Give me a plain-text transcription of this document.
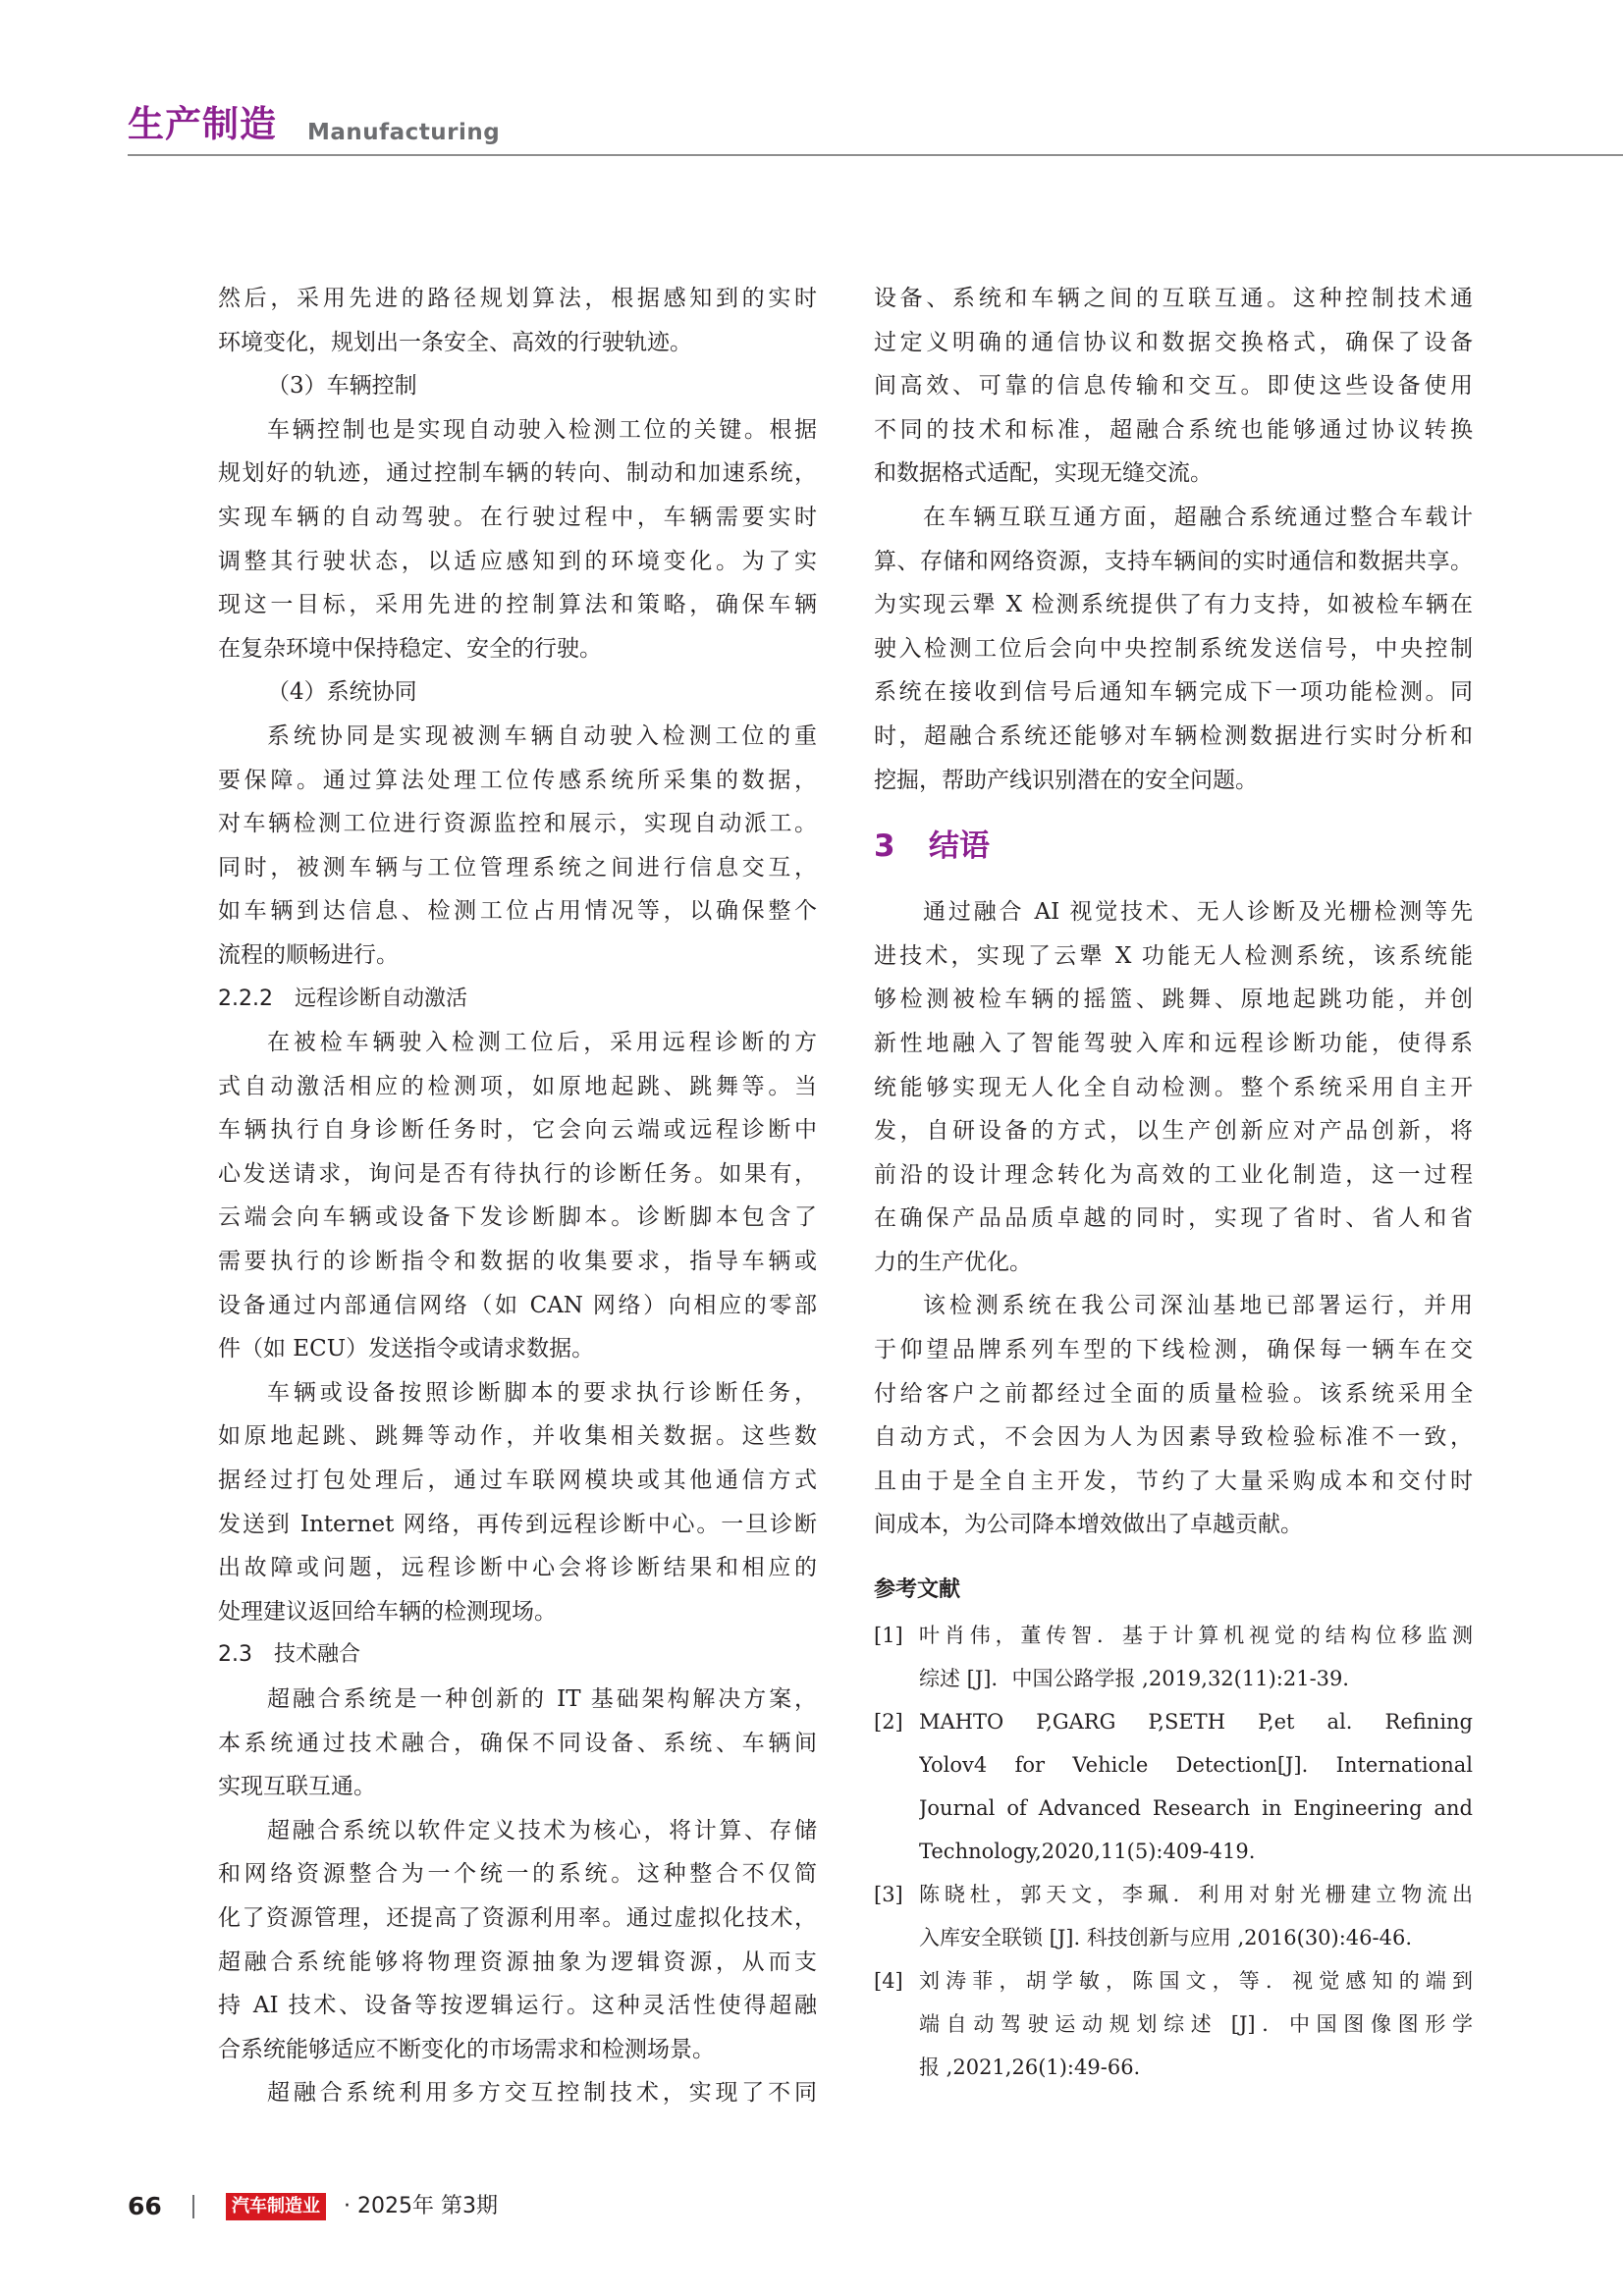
生产制造 Manufacturing
然后，采用先进的路径规划算法，根据感知到的实时
环境变化，规划出一条安全、高效的行驶轨迹。
（3）车辆控制
车辆控制也是实现自动驶入检测工位的关键。根据
规划好的轨迹，通过控制车辆的转向、制动和加速系统，
实现车辆的自动驾驶。在行驶过程中，车辆需要实时
调整其行驶状态，以适应感知到的环境变化。为了实
现这一目标，采用先进的控制算法和策略，确保车辆
在复杂环境中保持稳定、安全的行驶。
（4）系统协同
系统协同是实现被测车辆自动驶入检测工位的重
要保障。通过算法处理工位传感系统所采集的数据，
对车辆检测工位进行资源监控和展示，实现自动派工。
同时，被测车辆与工位管理系统之间进行信息交互，
如车辆到达信息、检测工位占用情况等，以确保整个
流程的顺畅进行。
2.2.2　远程诊断自动激活
在被检车辆驶入检测工位后，采用远程诊断的方
式自动激活相应的检测项，如原地起跳、跳舞等。当
车辆执行自身诊断任务时，它会向云端或远程诊断中
心发送请求，询问是否有待执行的诊断任务。如果有，
云端会向车辆或设备下发诊断脚本。诊断脚本包含了
需要执行的诊断指令和数据的收集要求，指导车辆或
设备通过内部通信网络（如 CAN 网络）向相应的零部
件（如 ECU）发送指令或请求数据。
车辆或设备按照诊断脚本的要求执行诊断任务，
如原地起跳、跳舞等动作，并收集相关数据。这些数
据经过打包处理后，通过车联网模块或其他通信方式
发送到 Internet 网络，再传到远程诊断中心。一旦诊断
出故障或问题，远程诊断中心会将诊断结果和相应的
处理建议返回给车辆的检测现场。
2.3　技术融合
超融合系统是一种创新的 IT 基础架构解决方案，
本系统通过技术融合，确保不同设备、系统、车辆间
实现互联互通。
超融合系统以软件定义技术为核心，将计算、存储
和网络资源整合为一个统一的系统。这种整合不仅简
化了资源管理，还提高了资源利用率。通过虚拟化技术，
超融合系统能够将物理资源抽象为逻辑资源，从而支
持 AI 技术、设备等按逻辑运行。这种灵活性使得超融
合系统能够适应不断变化的市场需求和检测场景。
超融合系统利用多方交互控制技术，实现了不同
设备、系统和车辆之间的互联互通。这种控制技术通
过定义明确的通信协议和数据交换格式，确保了设备
间高效、可靠的信息传输和交互。即使这些设备使用
不同的技术和标准，超融合系统也能够通过协议转换
和数据格式适配，实现无缝交流。
在车辆互联互通方面，超融合系统通过整合车载计
算、存储和网络资源，支持车辆间的实时通信和数据共享。
为实现云犟 X 检测系统提供了有力支持，如被检车辆在
驶入检测工位后会向中央控制系统发送信号，中央控制
系统在接收到信号后通知车辆完成下一项功能检测。同
时，超融合系统还能够对车辆检测数据进行实时分析和
挖掘，帮助产线识别潜在的安全问题。
3 结语
通过融合 AI 视觉技术、无人诊断及光栅检测等先
进技术，实现了云犟 X 功能无人检测系统，该系统能
够检测被检车辆的摇篮、跳舞、原地起跳功能，并创
新性地融入了智能驾驶入库和远程诊断功能，使得系
统能够实现无人化全自动检测。整个系统采用自主开
发，自研设备的方式，以生产创新应对产品创新，将
前沿的设计理念转化为高效的工业化制造，这一过程
在确保产品品质卓越的同时，实现了省时、省人和省
力的生产优化。
该检测系统在我公司深汕基地已部署运行，并用
于仰望品牌系列车型的下线检测，确保每一辆车在交
付给客户之前都经过全面的质量检验。该系统采用全
自动方式，不会因为人为因素导致检验标准不一致，
且由于是全自主开发，节约了大量采购成本和交付时
间成本，为公司降本增效做出了卓越贡献。
参考文献
[1] 叶肖伟，董传智．基于计算机视觉的结构位移监测
综述 [J]．中国公路学报 ,2019,32(11):21-39．
[2] MAHTO P,GARG P,SETH P,et al. Refining
Yolov4 for Vehicle Detection[J]. International
Journal of Advanced Research in Engineering and
Technology,2020,11(5):409-419.
[3] 陈晓杜，郭天文，李珮．利用对射光栅建立物流出
入库安全联锁 [J]. 科技创新与应用 ,2016(30):46-46.
[4] 刘涛菲，胡学敏，陈国文，等．视觉感知的端到
端自动驾驶运动规划综述 [J]．中国图像图形学
报 ,2021,26(1):49-66.
66	汽车制造业 · 2025年 第3期
